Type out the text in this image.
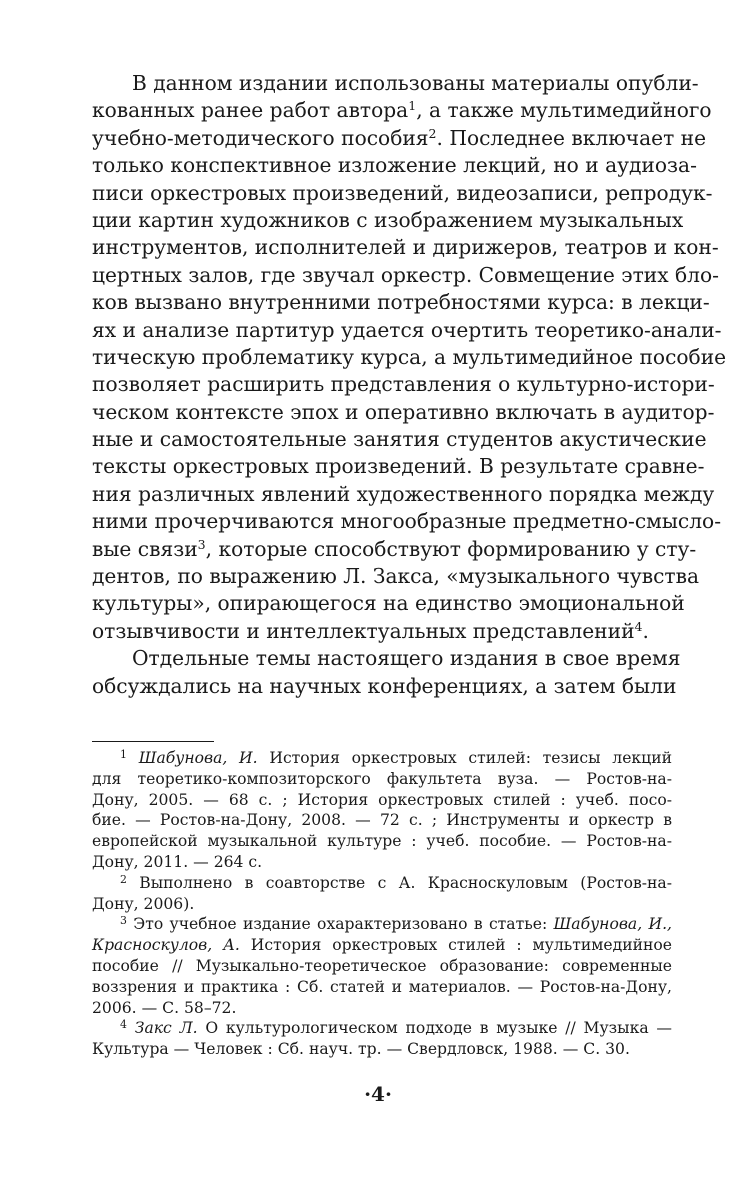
В данном издании использованы материалы опубли-
кованных ранее работ автора$^1$, а также мультимедийного
учебно-методического пособия$^2$. Последнее включает не
только конспективное изложение лекций, но и аудиоза-
писи оркестровых произведений, видеозаписи, репродук-
ции картин художников с изображением музыкальных
инструментов, исполнителей и дирижеров, театров и кон-
цертных залов, где звучал оркестр. Совмещение этих бло-
ков вызвано внутренними потребностями курса: в лекци-
ях и анализе партитур удается очертить теоретико-анали-
тическую проблематику курса, а мультимедийное пособие
позволяет расширить представления о культурно-истори-
ческом контексте эпох и оперативно включать в аудитор-
ные и самостоятельные занятия студентов акустические
тексты оркестровых произведений. В результате сравне-
ния различных явлений художественного порядка между
ними прочерчиваются многообразные предметно-смысло-
вые связи$^3$, которые способствуют формированию у сту-
дентов, по выражению Л. Закса, «музыкального чувства
культуры», опирающегося на единство эмоциональной
отзывчивости и интеллектуальных представлений$^4$.
Отдельные темы настоящего издания в свое время
обсуждались на научных конференциях, а затем были
$^1$ Шабунова, И. История оркестровых стилей: тезисы лекций
для теоретико-композиторского факультета вуза. — Ростов-на-
Дону, 2005. — 68 с. ; История оркестровых стилей : учеб. посо-
бие. — Ростов-на-Дону, 2008. — 72 с. ; Инструменты и оркестр в
европейской музыкальной культуре : учеб. пособие. — Ростов-на-
Дону, 2011. — 264 с.
$^2$ Выполнено в соавторстве с А. Красноскуловым (Ростов-на-
Дону, 2006).
$^3$ Это учебное издание охарактеризовано в статье: Шабунова, И.,
Красноскулов, А. История оркестровых стилей : мультимедийное
пособие // Музыкально-теоретическое образование: современные
воззрения и практика : Сб. статей и материалов. — Ростов-на-Дону,
2006. — С. 58–72.
$^4$ Закс Л. О культурологическом подходе в музыке // Музыка —
Культура — Человек : Сб. науч. тр. — Свердловск, 1988. — С. 30.
·4·
